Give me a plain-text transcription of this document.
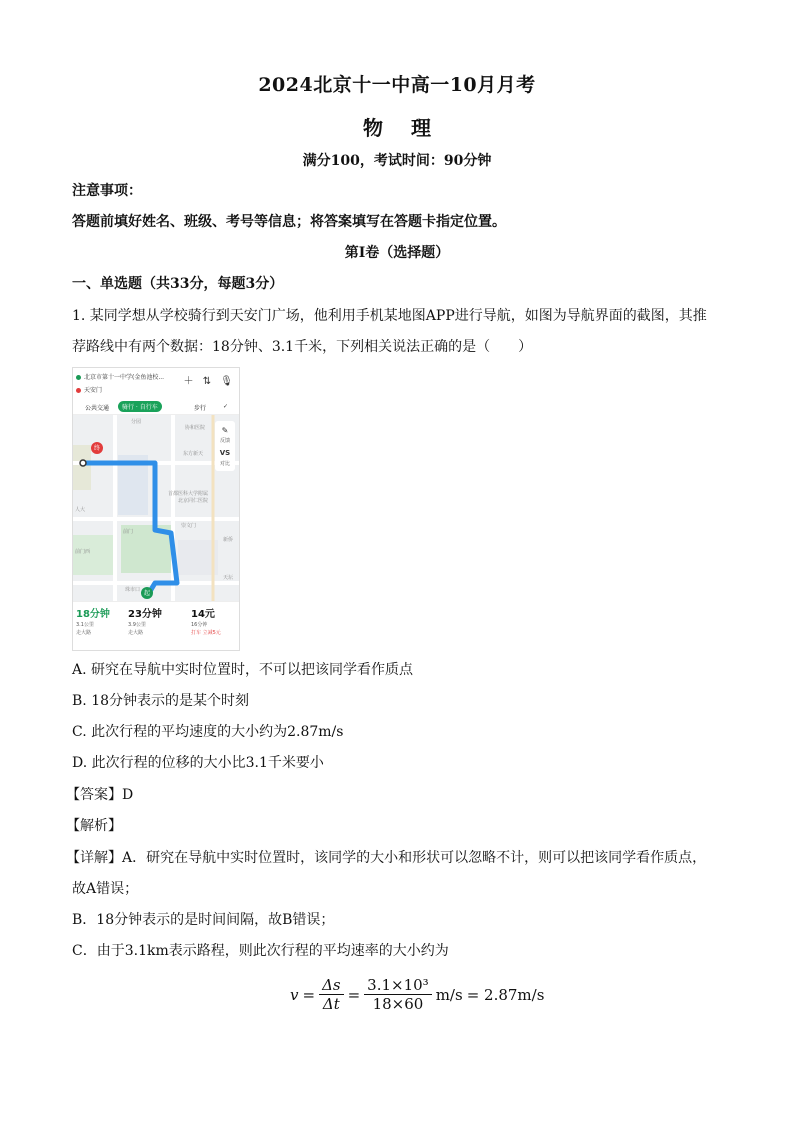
2024北京十一中高一10月月考
物理
满分100，考试时间：90分钟
注意事项：
答题前填好姓名、班级、考号等信息；将答案填写在答题卡指定位置。
第I卷（选择题）
一、单选题（共33分，每题3分）
1. 某同学想从学校骑行到天安门广场，他利用手机某地图APP进行导航，如图为导航界面的截图，其推
荐路线中有两个数据：18分钟、3.1千米，下列相关说法正确的是（　　）
北京市第十一中学(金鱼池校...
天安门
＋ ⇅ 🎙
公共交通	骑行 · 自行车	步行	✓
终
起
分园
协和医院
东方新天
首都医科大学附属
北京同仁医院
人大
崇文门
前门
新侨
前门西
珠市口
天坛
✎
反馈
VS
对比
18分钟
3.1公里
走大路
23分钟
3.9公里
走大路
14元
16分钟
打车 立减5元
A. 研究在导航中实时位置时，不可以把该同学看作质点
B. 18分钟表示的是某个时刻
C. 此次行程的平均速度的大小约为2.87m/s
D. 此次行程的位移的大小比3.1千米要小
【答案】D
【解析】
【详解】A．研究在导航中实时位置时，该同学的大小和形状可以忽略不计，则可以把该同学看作质点，
故A错误；
B．18分钟表示的是时间间隔，故B错误；
C．由于3.1km表示路程，则此次行程的平均速率的大小约为
$v = \frac{\Delta s}{\Delta t} = \frac{\text{3.1×10³}}{18\times 60} m/s = 2.87m/s$
